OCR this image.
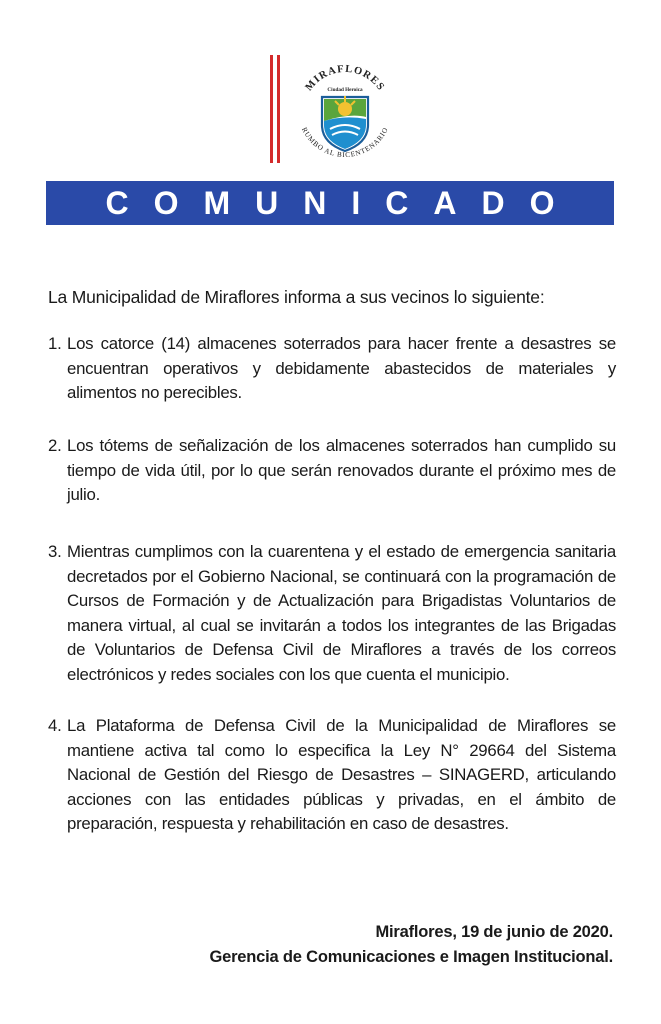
MIRAFLORES
Ciudad Heroica
RUMBO AL BICENTENARIO
COMUNICADO
La Municipalidad de Miraflores informa a sus vecinos lo siguiente:
1. Los catorce (14) almacenes soterrados para hacer frente a desastres se encuentran operativos y debidamente abastecidos de materiales y alimentos no perecibles.
2. Los tótems de señalización de los almacenes soterrados han cumplido su tiempo de vida útil, por lo que serán renovados durante el próximo mes de julio.
3. Mientras cumplimos con la cuarentena y el estado de emergencia sanitaria decretados por el Gobierno Nacional, se continuará con la programación de Cursos de Formación y de Actualización para Brigadistas Voluntarios de manera virtual, al cual se invitarán a todos los integrantes de las Brigadas de Voluntarios de Defensa Civil de Miraflores a través de los correos electrónicos y redes sociales con los que cuenta el municipio.
4. La Plataforma de Defensa Civil de la Municipalidad de Miraflores se mantiene activa tal como lo especifica la Ley N° 29664 del Sistema Nacional de Gestión del Riesgo de Desastres – SINAGERD, articulando acciones con las entidades públicas y privadas, en el ámbito de preparación, respuesta y rehabilitación en caso de desastres.
Miraflores, 19 de junio de 2020.
Gerencia de Comunicaciones e Imagen Institucional.
